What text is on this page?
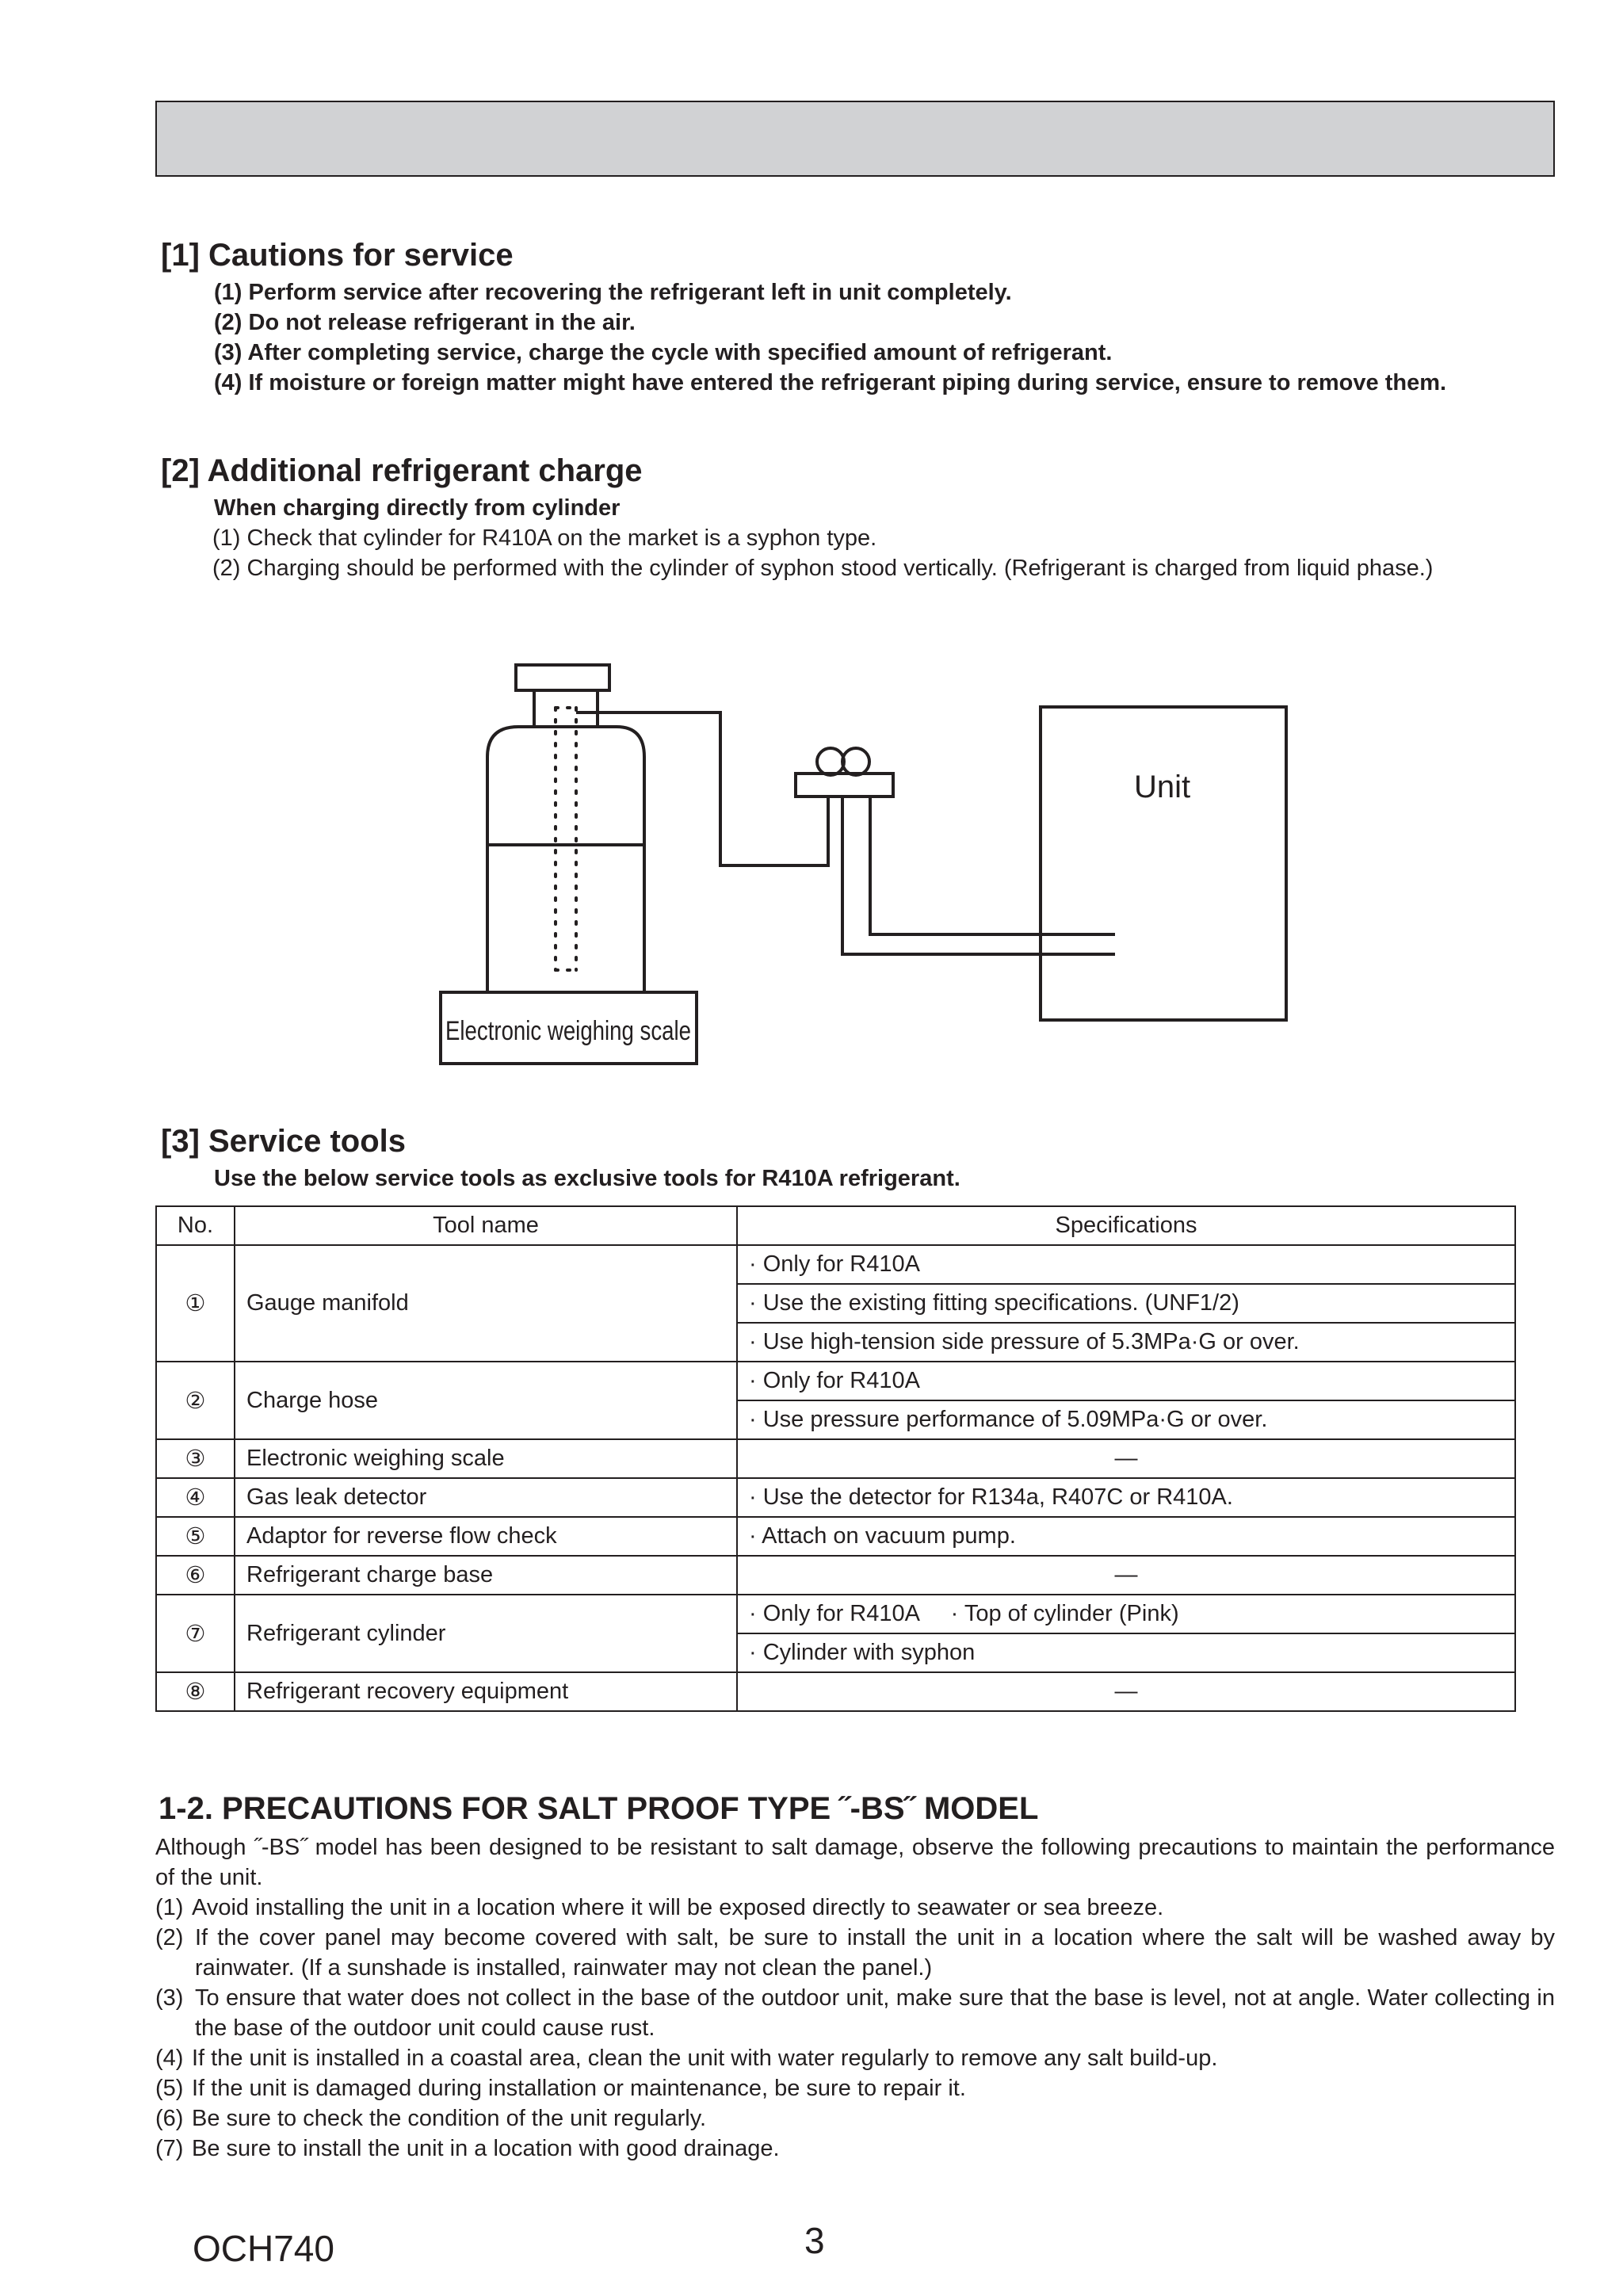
[1] Cautions for service
(1) Perform service after recovering the refrigerant left in unit completely.
(2) Do not release refrigerant in the air.
(3) After completing service, charge the cycle with specified amount of refrigerant.
(4) If moisture or foreign matter might have entered the refrigerant piping during service, ensure to remove them.
[2] Additional refrigerant charge
When charging directly from cylinder
(1) Check that cylinder for R410A on the market is a syphon type.
(2) Charging should be performed with the cylinder of syphon stood vertically. (Refrigerant is charged from liquid phase.)
Unit
Electronic weighing scale
[3] Service tools
Use the below service tools as exclusive tools for R410A refrigerant.
No.	Tool name	Specifications
①	Gauge manifold	· Only for R410A
		· Use the existing fitting specifications. (UNF1/2)
		· Use high-tension side pressure of 5.3MPa·G or over.
②	Charge hose	· Only for R410A
		· Use pressure performance of 5.09MPa·G or over.
③	Electronic weighing scale	—
④	Gas leak detector	· Use the detector for R134a, R407C or R410A.
⑤	Adaptor for reverse flow check	· Attach on vacuum pump.
⑥	Refrigerant charge base	—
⑦	Refrigerant cylinder	· Only for R410A     · Top of cylinder (Pink)
		· Cylinder with syphon
⑧	Refrigerant recovery equipment	—
1-2. PRECAUTIONS FOR SALT PROOF TYPE ˝-BS˝ MODEL
Although ˝-BS˝ model has been designed to be resistant to salt damage, observe the following precautions to maintain the performance of the unit.
(1) Avoid installing the unit in a location where it will be exposed directly to seawater or sea breeze.
(2) If the cover panel may become covered with salt, be sure to install the unit in a location where the salt will be washed away by rainwater. (If a sunshade is installed, rainwater may not clean the panel.)
(3) To ensure that water does not collect in the base of the outdoor unit, make sure that the base is level, not at angle. Water collecting in the base of the outdoor unit could cause rust.
(4) If the unit is installed in a coastal area, clean the unit with water regularly to remove any salt build-up.
(5) If the unit is damaged during installation or maintenance, be sure to repair it.
(6) Be sure to check the condition of the unit regularly.
(7) Be sure to install the unit in a location with good drainage.
OCH740	3
